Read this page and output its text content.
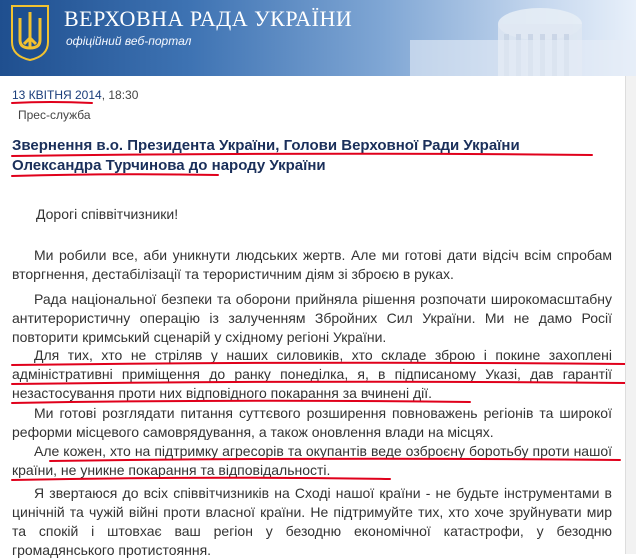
ВЕРХОВНА РАДА УКРАЇНИ
офіційний веб-портал
13 КВІТНЯ 2014, 18:30
Прес-служба
Звернення в.о. Президента України, Голови Верховної Ради України Олександра Турчинова до народу України
Дорогі співвітчизники!
Ми робили все, аби уникнути людських жертв. Але ми готові дати відсіч всім спробам вторгнення, дестабілізації та терористичним діям зі зброєю в руках.
Рада національної безпеки та оборони прийняла рішення розпочати широкомасштабну антитерористичну операцію із залученням Збройних Сил України. Ми не дамо Росії повторити кримський сценарій у східному регіоні України.
Для тих, хто не стріляв у наших силовиків, хто складе зброю і покине захоплені адміністративні приміщення до ранку понеділка, я, в підписаному Указі, дав гарантії незастосування проти них відповідного покарання за вчинені дії.
Ми готові розглядати питання суттєвого розширення повноважень регіонів та широкої реформи місцевого самоврядування, а також оновлення влади на місцях.
Але кожен, хто на підтримку агресорів та окупантів веде озброєну боротьбу проти нашої країни, не уникне покарання та відповідальності.
Я звертаюся до всіх співвітчизників на Сході нашої країни - не будьте інструментами в цинічній та чужій війні проти власної країни. Не підтримуйте тих, хто хоче зруйнувати мир та спокій і штовхає ваш регіон у безодню економічної катастрофи, у безодню громадянського протистояння.
